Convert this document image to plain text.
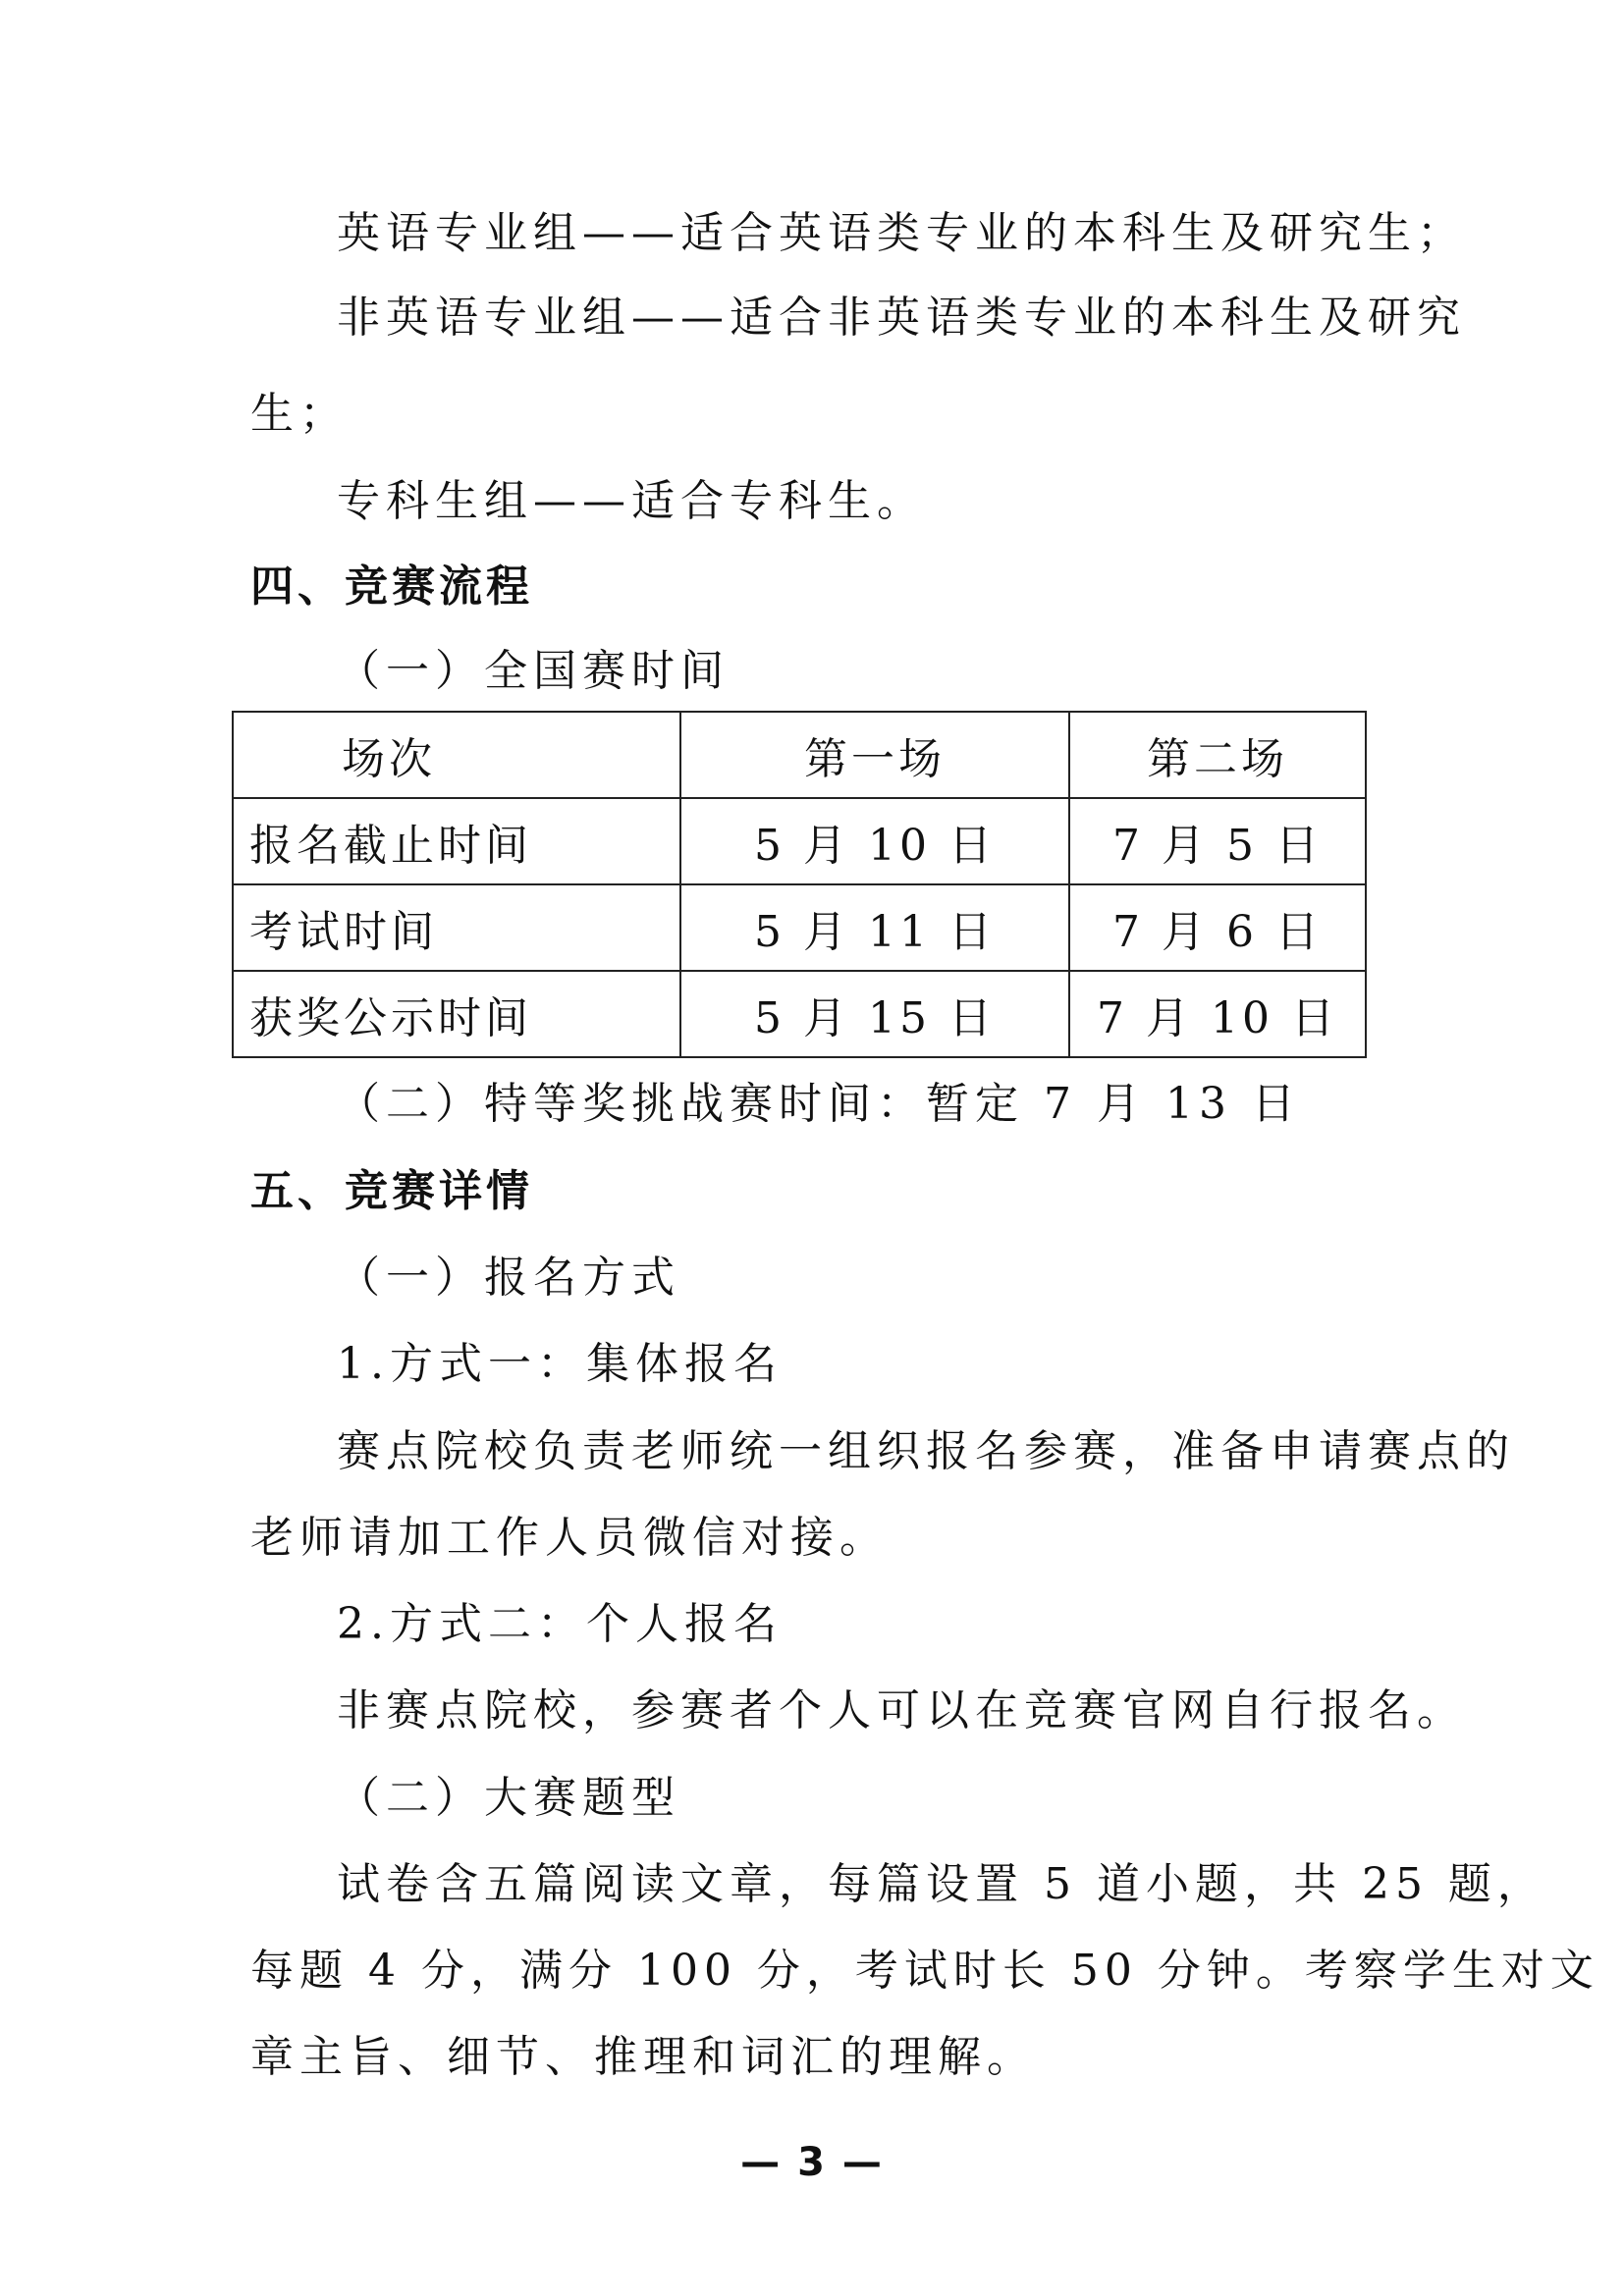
英语专业组——适合英语类专业的本科生及研究生；
非英语专业组——适合非英语类专业的本科生及研究
生；
专科生组——适合专科生。
四、竞赛流程
（一）全国赛时间
场次	第一场	第二场
报名截止时间	5 月 10 日	7 月 5 日
考试时间	5 月 11 日	7 月 6 日
获奖公示时间	5 月 15 日	7 月 10 日
（二）特等奖挑战赛时间：暂定 7 月 13 日
五、竞赛详情
（一）报名方式
1.方式一：集体报名
赛点院校负责老师统一组织报名参赛，准备申请赛点的
老师请加工作人员微信对接。
2.方式二：个人报名
非赛点院校，参赛者个人可以在竞赛官网自行报名。
（二）大赛题型
试卷含五篇阅读文章，每篇设置 5 道小题，共 25 题，
每题 4 分，满分 100 分，考试时长 50 分钟。考察学生对文
章主旨、细节、推理和词汇的理解。
— 3 —
